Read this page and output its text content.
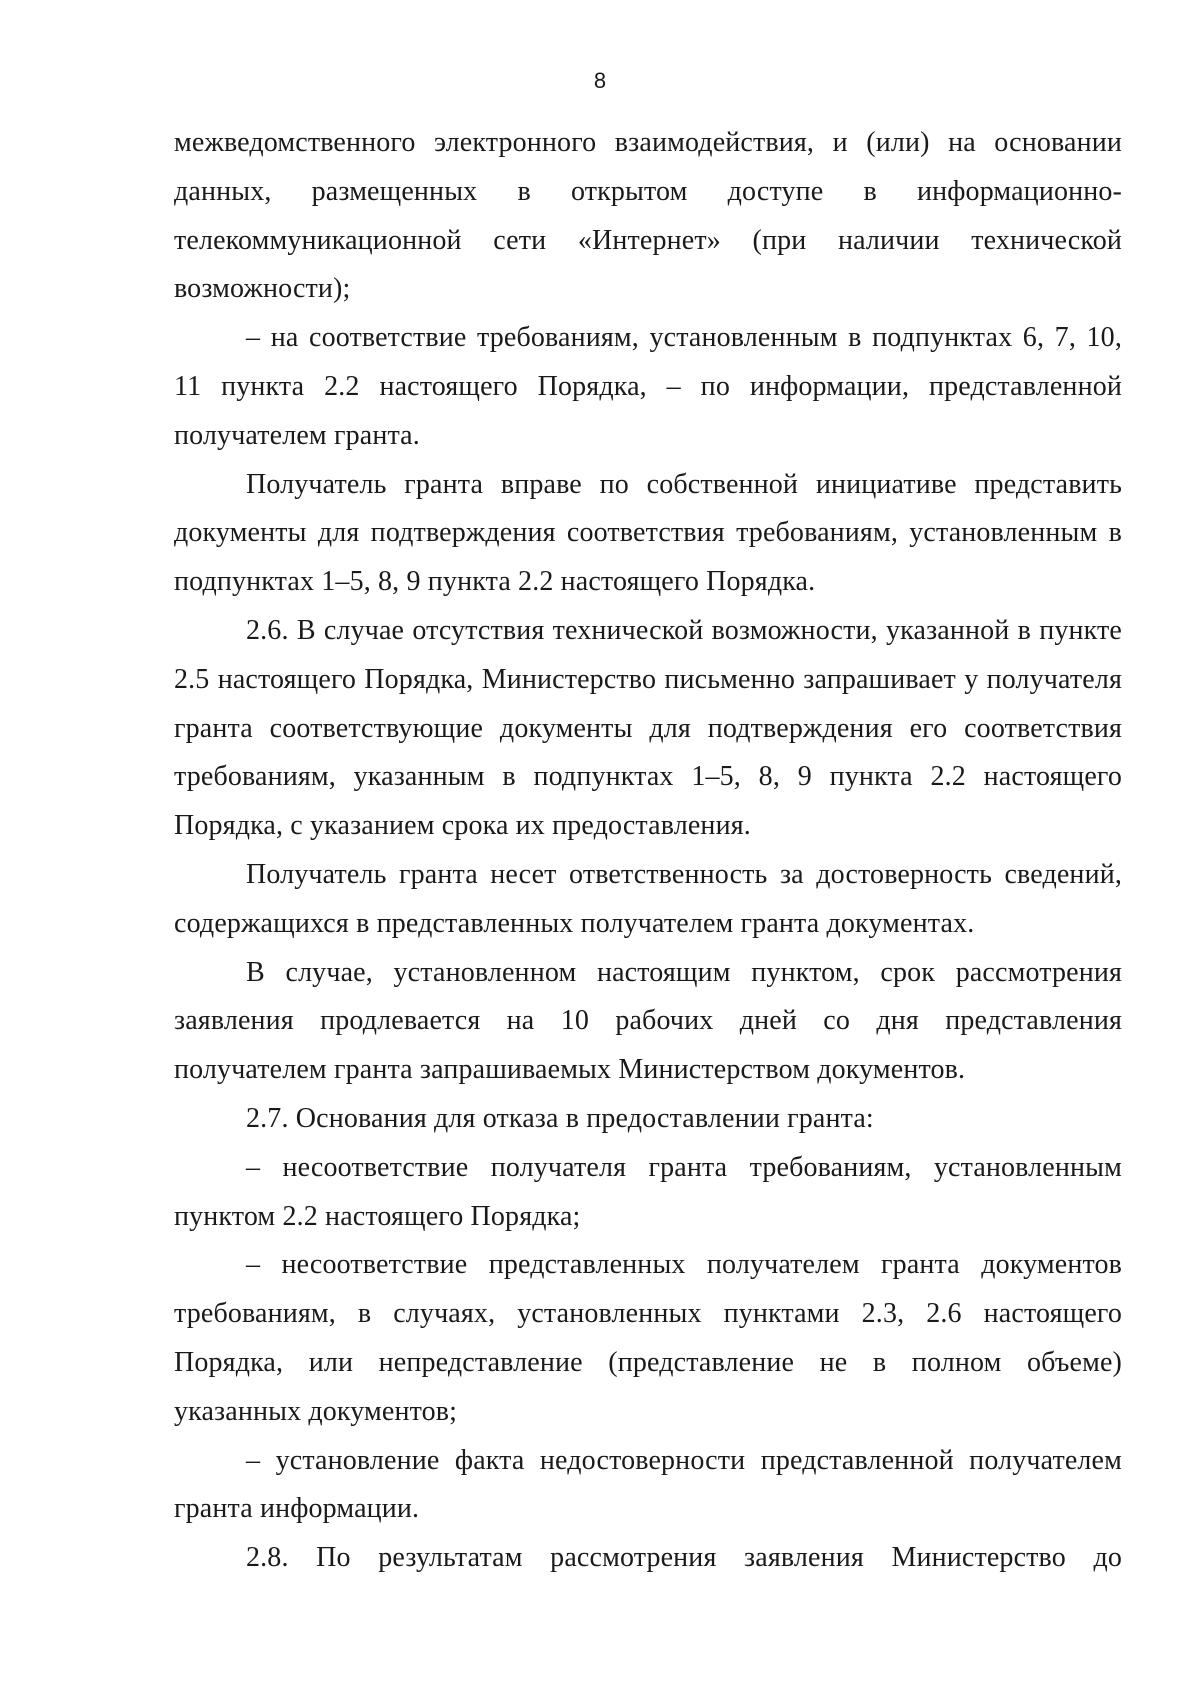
8

межведомственного электронного взаимодействия, и (или) на основании данных, размещенных в открытом доступе в информационно-телекоммуникационной сети «Интернет» (при наличии технической возможности);

– на соответствие требованиям, установленным в подпунктах 6, 7, 10, 11 пункта 2.2 настоящего Порядка, – по информации, представленной получателем гранта.

Получатель гранта вправе по собственной инициативе представить документы для подтверждения соответствия требованиям, установленным в подпунктах 1–5, 8, 9 пункта 2.2 настоящего Порядка.

2.6. В случае отсутствия технической возможности, указанной в пункте 2.5 настоящего Порядка, Министерство письменно запрашивает у получателя гранта соответствующие документы для подтверждения его соответствия требованиям, указанным в подпунктах 1–5, 8, 9 пункта 2.2 настоящего Порядка, с указанием срока их предоставления.

Получатель гранта несет ответственность за достоверность сведений, содержащихся в представленных получателем гранта документах.

В случае, установленном настоящим пунктом, срок рассмотрения заявления продлевается на 10 рабочих дней со дня представления получателем гранта запрашиваемых Министерством документов.

2.7. Основания для отказа в предоставлении гранта:

– несоответствие получателя гранта требованиям, установленным пунктом 2.2 настоящего Порядка;

– несоответствие представленных получателем гранта документов требованиям, в случаях, установленных пунктами 2.3, 2.6 настоящего Порядка, или непредставление (представление не в полном объеме) указанных документов;

– установление факта недостоверности представленной получателем гранта информации.

2.8. По результатам рассмотрения заявления Министерство до
